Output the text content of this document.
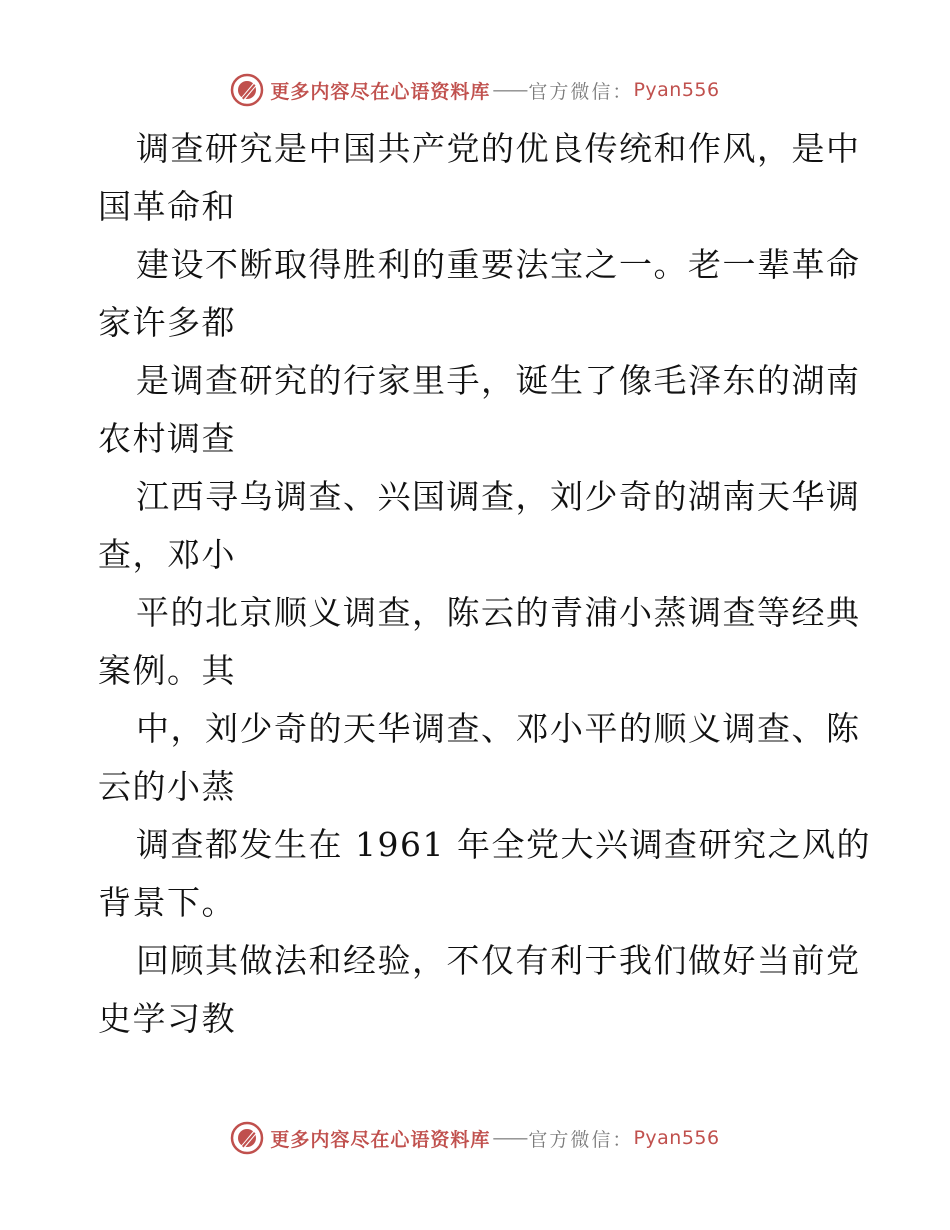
更多内容尽在心语资料库 —— 官方微信： Pyan556
调查研究是中国共产党的优良传统和作风，是中
国革命和
建设不断取得胜利的重要法宝之一。老一辈革命
家许多都
是调查研究的行家里手，诞生了像毛泽东的湖南
农村调查
江西寻乌调查、兴国调查，刘少奇的湖南天华调
查，邓小
平的北京顺义调查，陈云的青浦小蒸调查等经典
案例。其
中，刘少奇的天华调查、邓小平的顺义调查、陈
云的小蒸
调查都发生在 1961 年全党大兴调查研究之风的
背景下。
回顾其做法和经验，不仅有利于我们做好当前党
史学习教
更多内容尽在心语资料库 —— 官方微信： Pyan556
